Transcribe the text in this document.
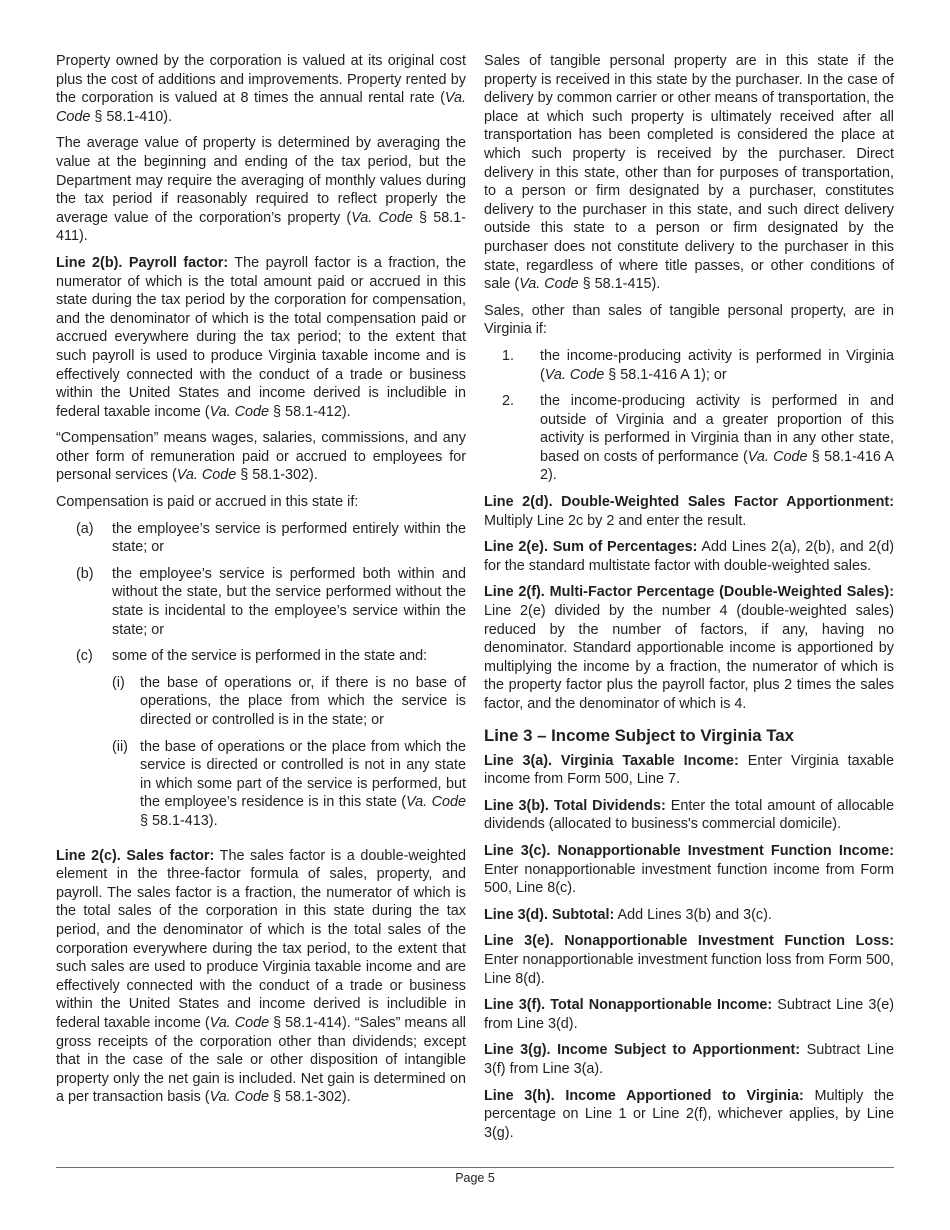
Property owned by the corporation is valued at its original cost plus the cost of additions and improvements. Property rented by the corporation is valued at 8 times the annual rental rate (Va. Code § 58.1-410).

The average value of property is determined by averaging the value at the beginning and ending of the tax period, but the Department may require the averaging of monthly values during the tax period if reasonably required to reflect properly the average value of the corporation’s property (Va. Code § 58.1-411).

Line 2(b). Payroll factor: The payroll factor is a fraction, the numerator of which is the total amount paid or accrued in this state during the tax period by the corporation for compensation, and the denominator of which is the total compensation paid or accrued everywhere during the tax period; to the extent that such payroll is used to produce Virginia taxable income and is effectively connected with the conduct of a trade or business within the United States and income derived is includible in federal taxable income (Va. Code § 58.1-412).

“Compensation” means wages, salaries, commissions, and any other form of remuneration paid or accrued to employees for personal services (Va. Code § 58.1-302).

Compensation is paid or accrued in this state if:

(a)	the employee’s service is performed entirely within the state; or
(b)	the employee’s service is performed both within and without the state, but the service performed without the state is incidental to the employee’s service within the state; or
(c)	some of the service is performed in the state and:
(i)	the base of operations or, if there is no base of operations, the place from which the service is directed or controlled is in the state; or
(ii) the base of operations or the place from which the service is directed or controlled is not in any state in which some part of the service is performed, but the employee’s residence is in this state (Va. Code § 58.1-413).

Line 2(c). Sales factor: The sales factor is a double-weighted element in the three-factor formula of sales, property, and payroll. The sales factor is a fraction, the numerator of which is the total sales of the corporation in this state during the tax period, and the denominator of which is the total sales of the corporation everywhere during the tax period, to the extent that such sales are used to produce Virginia taxable income and are effectively connected with the conduct of a trade or business within the United States and income derived is includible in federal taxable income (Va. Code § 58.1-414). “Sales” means all gross receipts of the corporation other than dividends; except that in the case of the sale or other disposition of intangible property only the net gain is included. Net gain is determined on a per transaction basis (Va. Code § 58.1-302).

Sales of tangible personal property are in this state if the property is received in this state by the purchaser. In the case of delivery by common carrier or other means of transportation, the place at which such property is ultimately received after all transportation has been completed is considered the place at which such property is received by the purchaser. Direct delivery in this state, other than for purposes of transportation, to a person or firm designated by a purchaser, constitutes delivery to the purchaser in this state, and such direct delivery outside this state to a person or firm designated by the purchaser does not constitute delivery to the purchaser in this state, regardless of where title passes, or other conditions of sale (Va. Code § 58.1-415).

Sales, other than sales of tangible personal property, are in Virginia if:

1.	the income-producing activity is performed in Virginia (Va. Code § 58.1-416 A 1); or
2.	the income-producing activity is performed in and outside of Virginia and a greater proportion of this activity is performed in Virginia than in any other state, based on costs of performance (Va. Code § 58.1-416 A 2).

Line 2(d). Double-Weighted Sales Factor Apportionment: Multiply Line 2c by 2 and enter the result.

Line 2(e). Sum of Percentages: Add Lines 2(a), 2(b), and 2(d) for the standard multistate factor with double-weighted sales.

Line 2(f). Multi-Factor Percentage (Double-Weighted Sales): Line 2(e) divided by the number 4 (double-weighted sales) reduced by the number of factors, if any, having no denominator. Standard apportionable income is apportioned by multiplying the income by a fraction, the numerator of which is the property factor plus the payroll factor, plus 2 times the sales factor, and the denominator of which is 4.

Line 3 – Income Subject to Virginia Tax

Line 3(a). Virginia Taxable Income: Enter Virginia taxable income from Form 500, Line 7.

Line 3(b). Total Dividends: Enter the total amount of allocable dividends (allocated to business's commercial domicile).

Line 3(c). Nonapportionable Investment Function Income: Enter nonapportionable investment function income from Form 500, Line 8(c).

Line 3(d). Subtotal: Add Lines 3(b) and 3(c).

Line 3(e). Nonapportionable Investment Function Loss: Enter nonapportionable investment function loss from Form 500, Line 8(d).

Line 3(f). Total Nonapportionable Income: Subtract Line 3(e) from Line 3(d).

Line 3(g). Income Subject to Apportionment: Subtract Line 3(f) from Line 3(a).

Line 3(h). Income Apportioned to Virginia: Multiply the percentage on Line 1 or Line 2(f), whichever applies, by Line 3(g).

Page 5
